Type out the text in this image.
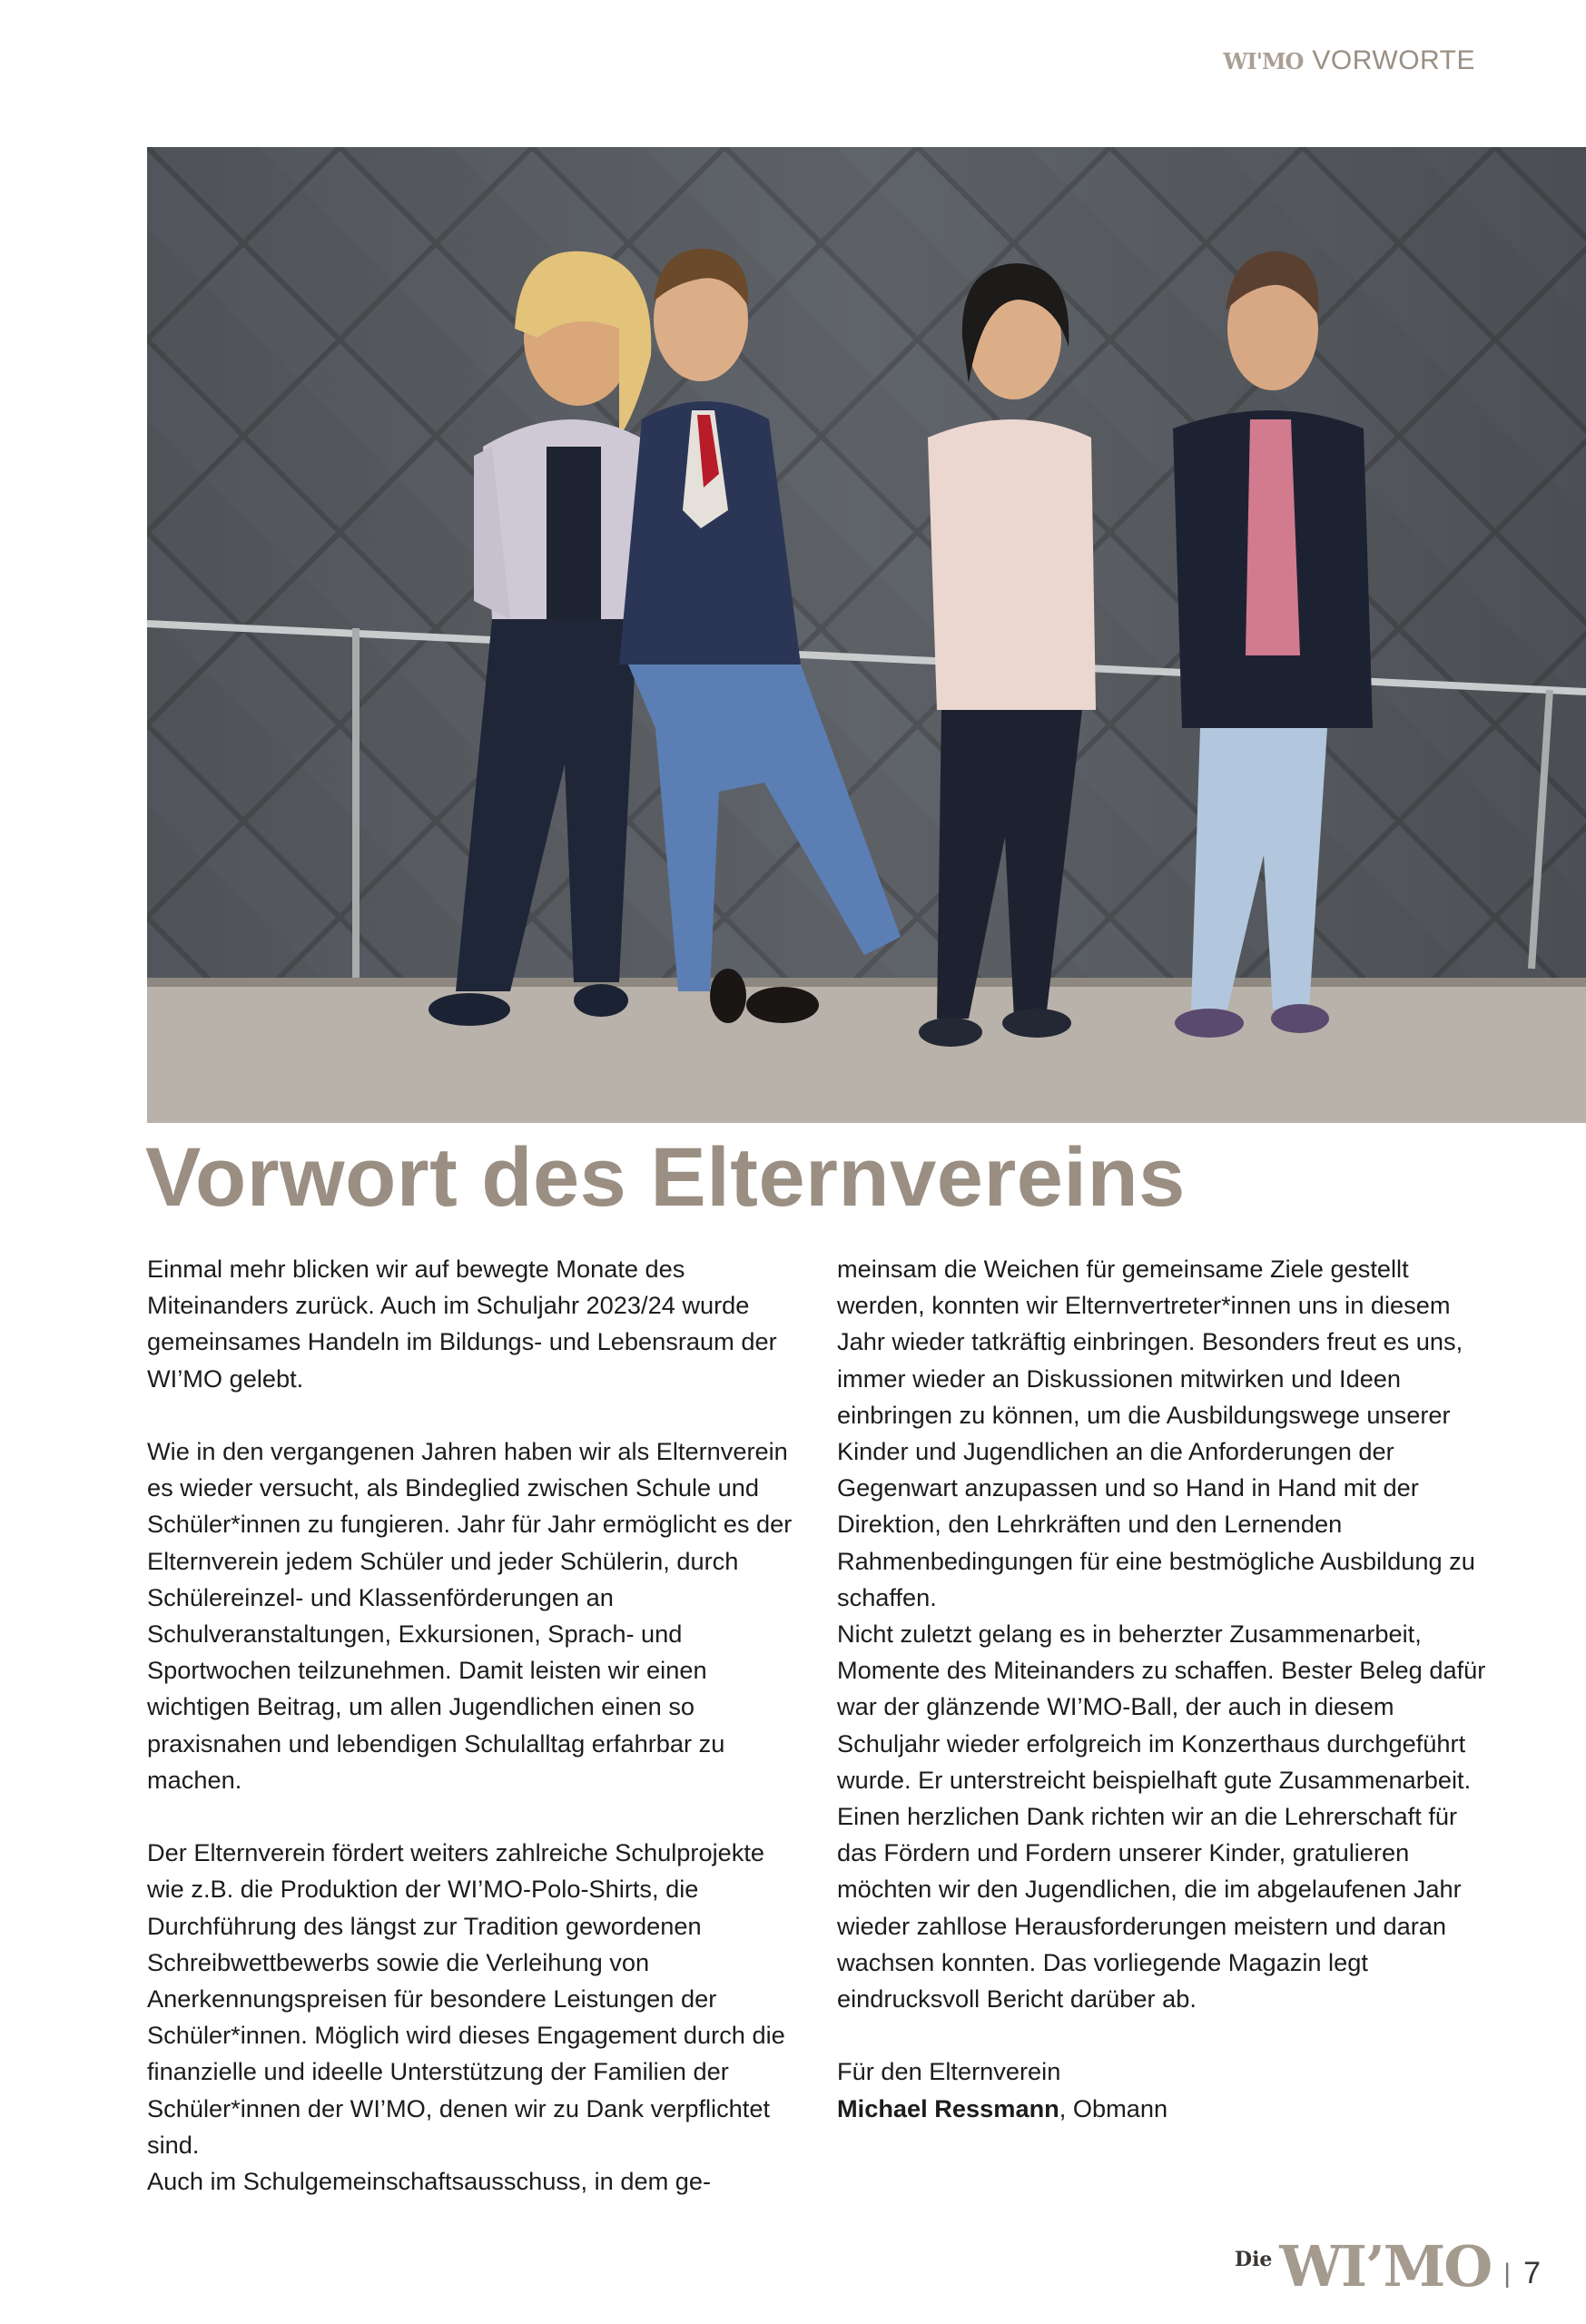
WI'MO VORWORTE
Vorwort des Elternvereins

Einmal mehr blicken wir auf bewegte Monate des Miteinanders zurück. Auch im Schuljahr 2023/24 wurde gemeinsames Handeln im Bildungs- und Lebensraum der WI’MO gelebt.

Wie in den vergangenen Jahren haben wir als Elternverein es wieder versucht, als Bindeglied zwischen Schule und Schüler*innen zu fungieren. Jahr für Jahr ermöglicht es der Elternverein jedem Schüler und jeder Schülerin, durch Schülereinzel- und Klassenförderungen an Schulveranstaltungen, Exkursionen, Sprach- und Sportwochen teilzunehmen. Damit leisten wir einen wichtigen Beitrag, um allen Jugendlichen einen so praxisnahen und lebendigen Schulalltag erfahrbar zu machen.

Der Elternverein fördert weiters zahlreiche Schulprojekte wie z.B. die Produktion der WI’MO-Polo-Shirts, die Durchführung des längst zur Tradition gewordenen Schreibwettbewerbs sowie die Verleihung von Anerkennungspreisen für besondere Leistungen der Schüler*innen. Möglich wird dieses Engagement durch die finanzielle und ideelle Unterstützung der Familien der Schüler*innen der WI’MO, denen wir zu Dank verpflichtet sind.

Auch im Schulgemeinschaftsausschuss, in dem ge-

meinsam die Weichen für gemeinsame Ziele gestellt werden, konnten wir Elternvertreter*innen uns in diesem Jahr wieder tatkräftig einbringen. Besonders freut es uns, immer wieder an Diskussionen mitwirken und Ideen einbringen zu können, um die Ausbildungswege unserer Kinder und Jugendlichen an die Anforderungen der Gegenwart anzupassen und so Hand in Hand mit der Direktion, den Lehrkräften und den Lernenden Rahmenbedingungen für eine bestmögliche Ausbildung zu schaffen.

Nicht zuletzt gelang es in beherzter Zusammenarbeit, Momente des Miteinanders zu schaffen. Bester Beleg dafür war der glänzende WI’MO-Ball, der auch in diesem Schuljahr wieder erfolgreich im Konzerthaus durchgeführt wurde. Er unterstreicht beispielhaft gute Zusammenarbeit.

Einen herzlichen Dank richten wir an die Lehrerschaft für das Fördern und Fordern unserer Kinder, gratulieren möchten wir den Jugendlichen, die im abgelaufenen Jahr wieder zahllose Herausforderungen meistern und daran wachsen konnten. Das vorliegende Magazin legt eindrucksvoll Bericht darüber ab.

Für den Elternverein

Michael Ressmann, Obmann

Die WI’MO | 7
